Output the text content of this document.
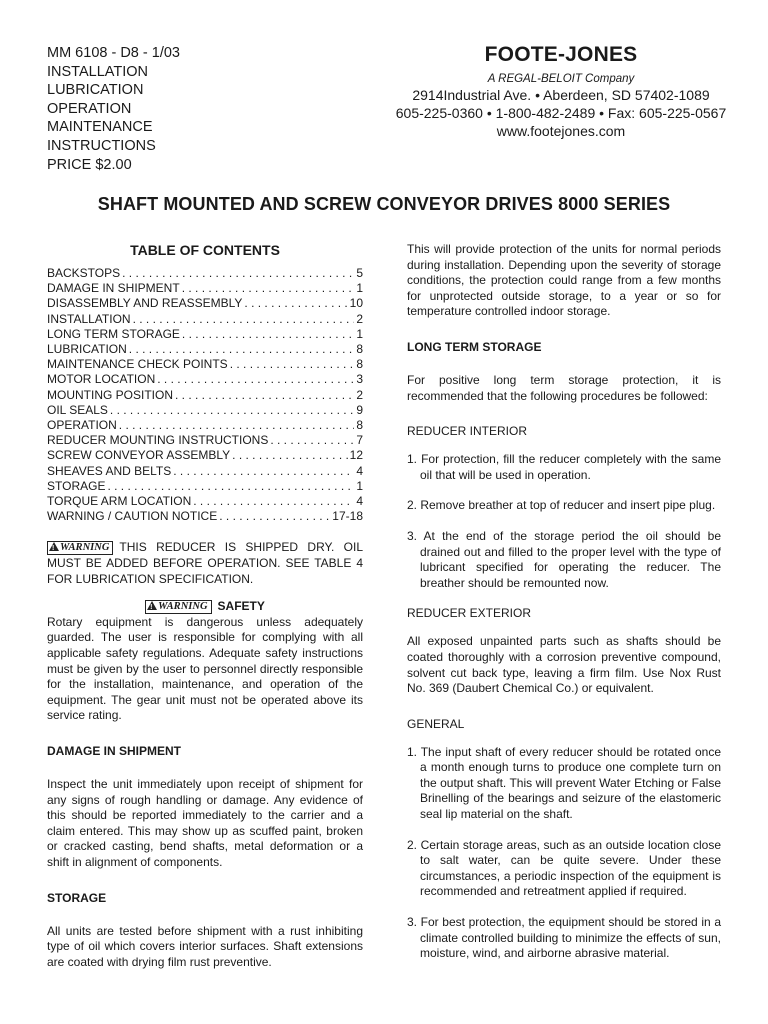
MM 6108 - D8 - 1/03
INSTALLATION
LUBRICATION
OPERATION
MAINTENANCE
INSTRUCTIONS
PRICE $2.00
FOOTE-JONES
A REGAL-BELOIT Company
2914Industrial Ave. • Aberdeen, SD 57402-1089
605-225-0360 • 1-800-482-2489 • Fax: 605-225-0567
www.footejones.com
SHAFT MOUNTED AND SCREW CONVEYOR DRIVES 8000 SERIES
TABLE OF CONTENTS
BACKSTOPS . . .	5
DAMAGE IN SHIPMENT . . .	1
DISASSEMBLY AND REASSEMBLY . . .	10
INSTALLATION . . .	2
LONG TERM STORAGE . . .	1
LUBRICATION . . .	8
MAINTENANCE CHECK POINTS . . .	8
MOTOR LOCATION . . .	3
MOUNTING POSITION . . .	2
OIL SEALS . . .	9
OPERATION . . .	8
REDUCER MOUNTING INSTRUCTIONS . . .	7
SCREW CONVEYOR ASSEMBLY . . .	12
SHEAVES AND BELTS . . .	4
STORAGE . . .	1
TORQUE ARM LOCATION . . .	4
WARNING / CAUTION NOTICE . . .	17-18

!WARNING THIS REDUCER IS SHIPPED DRY. OIL MUST BE ADDED BEFORE OPERATION. SEE TABLE 4 FOR LUBRICATION SPECIFICATION.

!WARNING SAFETY

Rotary equipment is dangerous unless adequately guarded. The user is responsible for complying with all applicable safety regulations. Adequate safety instructions must be given by the user to personnel directly responsible for the installation, maintenance, and operation of the equipment. The gear unit must not be operated above its service rating.

DAMAGE IN SHIPMENT

Inspect the unit immediately upon receipt of shipment for any signs of rough handling or damage. Any evidence of this should be reported immediately to the carrier and a claim entered. This may show up as scuffed paint, broken or cracked casting, bend shafts, metal deformation or a shift in alignment of components.

STORAGE

All units are tested before shipment with a rust inhibiting type of oil which covers interior surfaces. Shaft extensions are coated with drying film rust preventive.

This will provide protection of the units for normal periods during installation. Depending upon the severity of storage conditions, the protection could range from a few months for unprotected outside storage, to a year or so for temperature controlled indoor storage.

LONG TERM STORAGE

For positive long term storage protection, it is recommended that the following procedures be followed:

REDUCER INTERIOR
1. For protection, fill the reducer completely with the same oil that will be used in operation.
2. Remove breather at top of reducer and insert pipe plug.
3. At the end of the storage period the oil should be drained out and filled to the proper level with the type of lubricant specified for operating the reducer. The breather should be remounted now.
REDUCER EXTERIOR

All exposed unpainted parts such as shafts should be coated thoroughly with a corrosion preventive compound, solvent cut back type, leaving a firm film. Use Nox Rust No. 369 (Daubert Chemical Co.) or equivalent.

GENERAL
1. The input shaft of every reducer should be rotated once a month enough turns to produce one complete turn on the output shaft. This will prevent Water Etching or False Brinelling of the bearings and seizure of the elastomeric seal lip material on the shaft.
2. Certain storage areas, such as an outside location close to salt water, can be quite severe. Under these circumstances, a periodic inspection of the equipment is recommended and retreatment applied if required.
3. For best protection, the equipment should be stored in a climate controlled building to minimize the effects of sun, moisture, wind, and airborne abrasive material.
